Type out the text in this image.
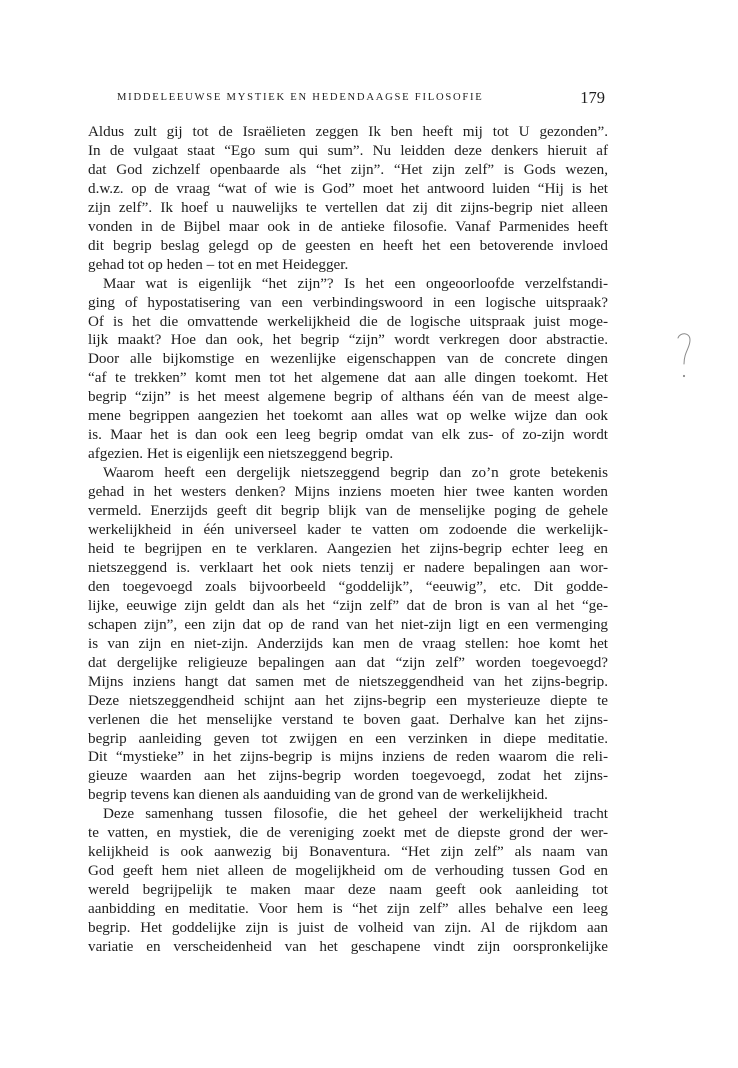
MIDDELEEUWSE MYSTIEK EN HEDENDAAGSE FILOSOFIE	179
Aldus zult gij tot de Israëlieten zeggen Ik ben heeft mij tot U gezonden”.
In de vulgaat staat “Ego sum qui sum”. Nu leidden deze denkers hieruit af
dat God zichzelf openbaarde als “het zijn”. “Het zijn zelf” is Gods wezen,
d.w.z. op de vraag “wat of wie is God” moet het antwoord luiden “Hij is het
zijn zelf”. Ik hoef u nauwelijks te vertellen dat zij dit zijns-begrip niet alleen
vonden in de Bijbel maar ook in de antieke filosofie. Vanaf Parmenides heeft
dit begrip beslag gelegd op de geesten en heeft het een betoverende invloed
gehad tot op heden – tot en met Heidegger.
Maar wat is eigenlijk “het zijn”? Is het een ongeoorloofde verzelfstandi-
ging of hypostatisering van een verbindingswoord in een logische uitspraak?
Of is het die omvattende werkelijkheid die de logische uitspraak juist moge-
lijk maakt? Hoe dan ook, het begrip “zijn” wordt verkregen door abstractie.
Door alle bijkomstige en wezenlijke eigenschappen van de concrete dingen
“af te trekken” komt men tot het algemene dat aan alle dingen toekomt. Het
begrip “zijn” is het meest algemene begrip of althans één van de meest alge-
mene begrippen aangezien het toekomt aan alles wat op welke wijze dan ook
is. Maar het is dan ook een leeg begrip omdat van elk zus- of zo-zijn wordt
afgezien. Het is eigenlijk een nietszeggend begrip.
Waarom heeft een dergelijk nietszeggend begrip dan zo’n grote betekenis
gehad in het westers denken? Mijns inziens moeten hier twee kanten worden
vermeld. Enerzijds geeft dit begrip blijk van de menselijke poging de gehele
werkelijkheid in één universeel kader te vatten om zodoende die werkelijk-
heid te begrijpen en te verklaren. Aangezien het zijns-begrip echter leeg en
nietszeggend is. verklaart het ook niets tenzij er nadere bepalingen aan wor-
den toegevoegd zoals bijvoorbeeld “goddelijk”, “eeuwig”, etc. Dit godde-
lijke, eeuwige zijn geldt dan als het “zijn zelf” dat de bron is van al het “ge-
schapen zijn”, een zijn dat op de rand van het niet-zijn ligt en een vermenging
is van zijn en niet-zijn. Anderzijds kan men de vraag stellen: hoe komt het
dat dergelijke religieuze bepalingen aan dat “zijn zelf” worden toegevoegd?
Mijns inziens hangt dat samen met de nietszeggendheid van het zijns-begrip.
Deze nietszeggendheid schijnt aan het zijns-begrip een mysterieuze diepte te
verlenen die het menselijke verstand te boven gaat. Derhalve kan het zijns-
begrip aanleiding geven tot zwijgen en een verzinken in diepe meditatie.
Dit “mystieke” in het zijns-begrip is mijns inziens de reden waarom die reli-
gieuze waarden aan het zijns-begrip worden toegevoegd, zodat het zijns-
begrip tevens kan dienen als aanduiding van de grond van de werkelijkheid.
Deze samenhang tussen filosofie, die het geheel der werkelijkheid tracht
te vatten, en mystiek, die de vereniging zoekt met de diepste grond der wer-
kelijkheid is ook aanwezig bij Bonaventura. “Het zijn zelf” als naam van
God geeft hem niet alleen de mogelijkheid om de verhouding tussen God en
wereld begrijpelijk te maken maar deze naam geeft ook aanleiding tot
aanbidding en meditatie. Voor hem is “het zijn zelf” alles behalve een leeg
begrip. Het goddelijke zijn is juist de volheid van zijn. Al de rijkdom aan
variatie en verscheidenheid van het geschapene vindt zijn oorspronkelijke
